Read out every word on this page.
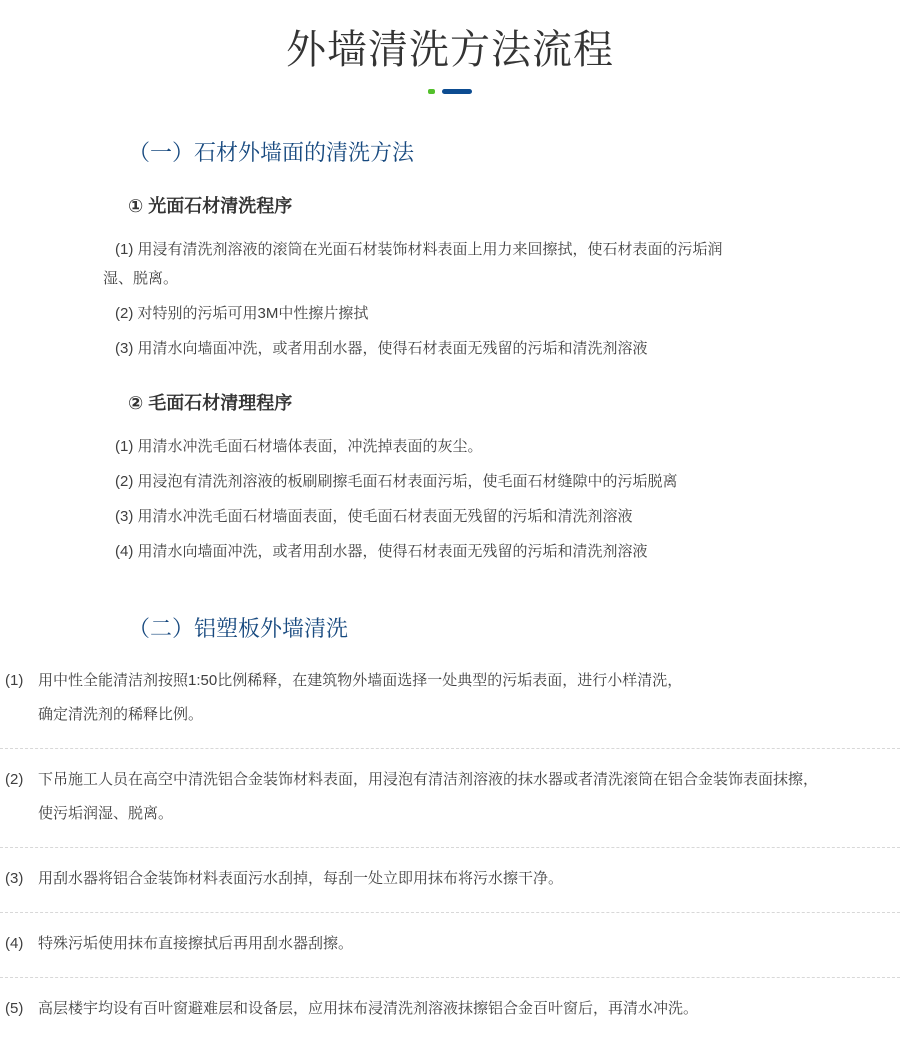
外墙清洗方法流程
（一）石材外墙面的清洗方法
① 光面石材清洗程序

(1) 用浸有清洗剂溶液的滚筒在光面石材装饰材料表面上用力来回擦拭，使石材表面的污垢润湿、脱离。

(2) 对特别的污垢可用3M中性擦片擦拭

(3) 用清水向墙面冲洗，或者用刮水器，使得石材表面无残留的污垢和清洗剂溶液

② 毛面石材清理程序

(1) 用清水冲洗毛面石材墙体表面，冲洗掉表面的灰尘。

(2) 用浸泡有清洗剂溶液的板刷刷擦毛面石材表面污垢，使毛面石材缝隙中的污垢脱离

(3) 用清水冲洗毛面石材墙面表面，使毛面石材表面无残留的污垢和清洗剂溶液

(4) 用清水向墙面冲洗，或者用刮水器，使得石材表面无残留的污垢和清洗剂溶液

（二）铝塑板外墙清洗
(1) 用中性全能清洁剂按照1:50比例稀释，在建筑物外墙面选择一处典型的污垢表面，进行小样清洗，
确定清洗剂的稀释比例。
(2) 下吊施工人员在高空中清洗铝合金装饰材料表面，用浸泡有清洁剂溶液的抹水器或者清洗滚筒在铝合金装饰表面抹擦，
使污垢润湿、脱离。
(3) 用刮水器将铝合金装饰材料表面污水刮掉，每刮一处立即用抹布将污水擦干净。
(4) 特殊污垢使用抹布直接擦拭后再用刮水器刮擦。
(5) 高层楼宇均设有百叶窗避难层和设备层，应用抹布浸清洗剂溶液抹擦铝合金百叶窗后，再清水冲洗。
